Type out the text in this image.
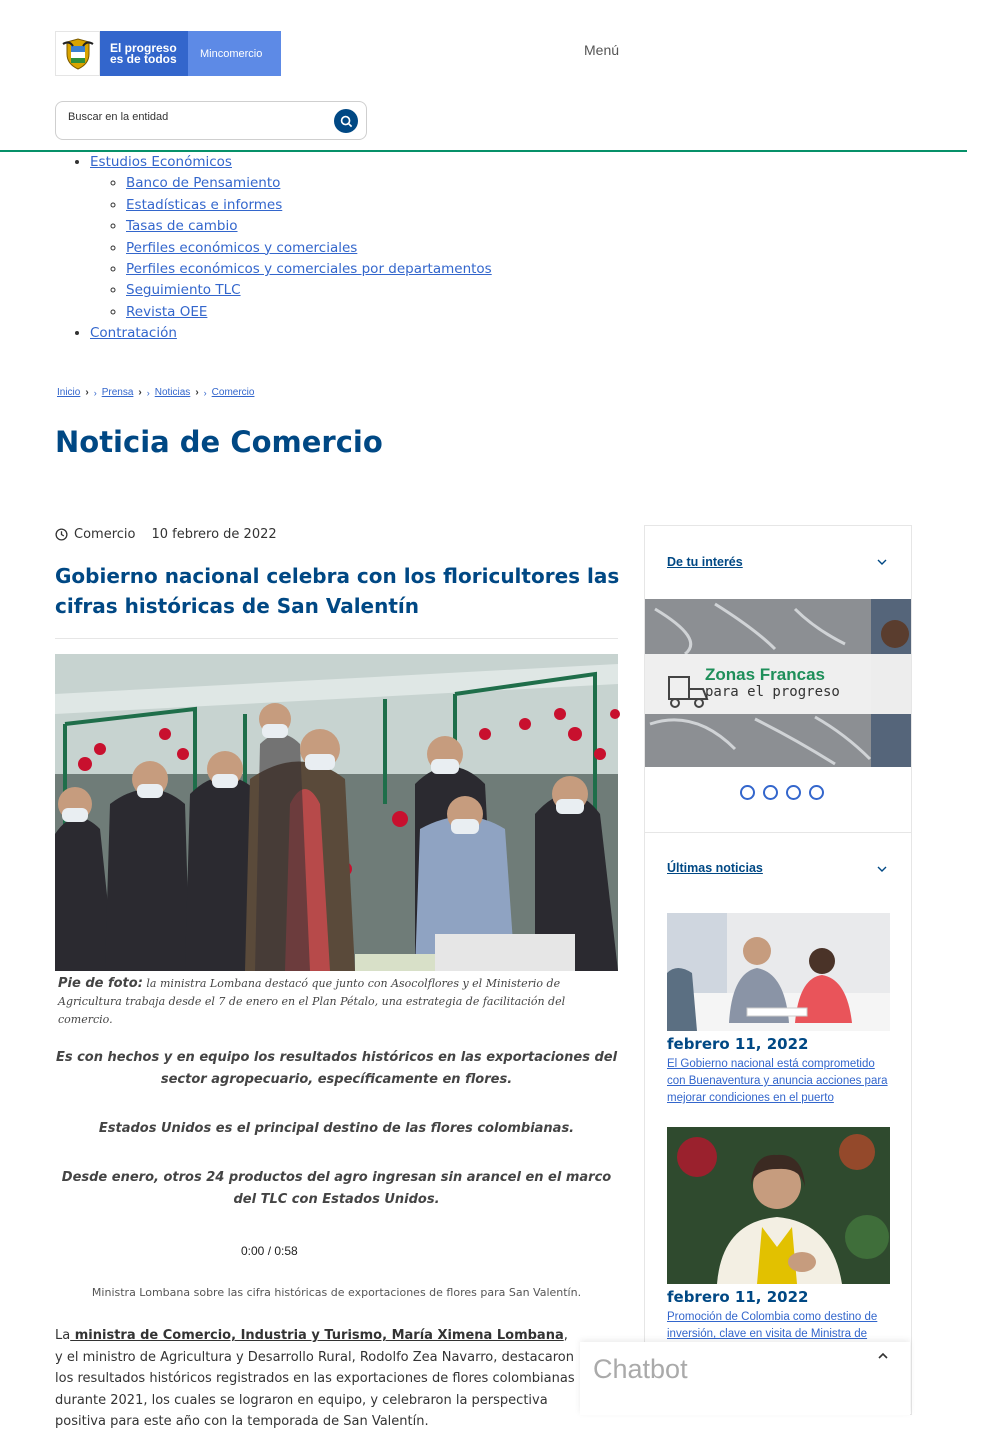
El progreso
es de todos	Mincomercio	Menú
Buscar en la entidad
• Estudios Económicos
◦ Banco de Pensamiento
◦ Estadísticas e informes
◦ Tasas de cambio
◦ Perfiles económicos y comerciales
◦ Perfiles económicos y comerciales por departamentos
◦ Seguimiento TLC
◦ Revista OEE
• Contratación
Inicio › › Prensa › › Noticias › › Comercio
Noticia de Comercio
Comercio 10 febrero de 2022
Gobierno nacional celebra con los floricultores las cifras históricas de San Valentín
Pie de foto: la ministra Lombana destacó que junto con Asocolflores y el Ministerio de Agricultura trabaja desde el 7 de enero en el Plan Pétalo, una estrategia de facilitación del comercio.
Es con hechos y en equipo los resultados históricos en las exportaciones del sector agropecuario, específicamente en flores.
Estados Unidos es el principal destino de las flores colombianas.
Desde enero, otros 24 productos del agro ingresan sin arancel en el marco del TLC con Estados Unidos.
0:00 / 0:58
Ministra Lombana sobre las cifra históricas de exportaciones de flores para San Valentín.
La ministra de Comercio, Industria y Turismo, María Ximena Lombana, y el ministro de Agricultura y Desarrollo Rural, Rodolfo Zea Navarro, destacaron los resultados históricos registrados en las exportaciones de flores colombianas durante 2021, los cuales se lograron en equipo, y celebraron la perspectiva positiva para este año con la temporada de San Valentín.
De tu interés
Zonas Francas
para el progreso
Últimas noticias
febrero 11, 2022
El Gobierno nacional está comprometido con Buenaventura y anuncia acciones para mejorar condiciones en el puerto
febrero 11, 2022
Promoción de Colombia como destino de inversión, clave en visita de Ministra de
Chatbot
